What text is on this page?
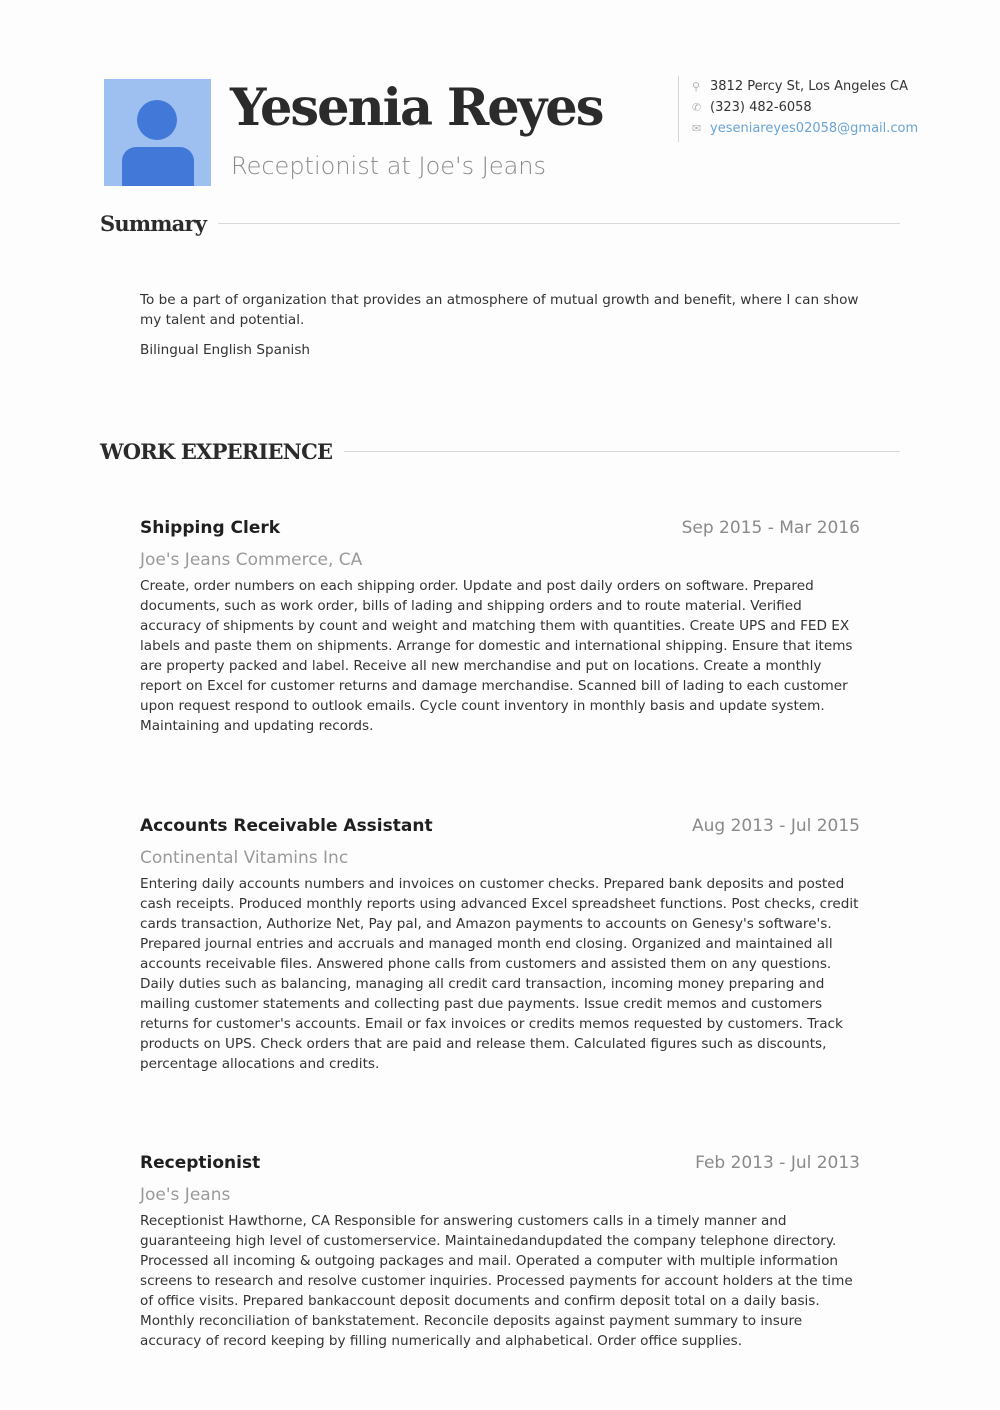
Yesenia Reyes
Receptionist at Joe's Jeans
⚲ 3812 Percy St, Los Angeles CA
✆ (323) 482-6058
✉ yeseniareyes02058@gmail.com
Summary
To be a part of organization that provides an atmosphere of mutual growth and benefit, where I can show my talent and potential.
Bilingual English Spanish
WORK EXPERIENCE
Shipping Clerk	Sep 2015 - Mar 2016
Joe's Jeans Commerce, CA
Create, order numbers on each shipping order. Update and post daily orders on software. Prepared documents, such as work order, bills of lading and shipping orders and to route material. Verified accuracy of shipments by count and weight and matching them with quantities. Create UPS and FED EX labels and paste them on shipments. Arrange for domestic and international shipping. Ensure that items are property packed and label. Receive all new merchandise and put on locations. Create a monthly report on Excel for customer returns and damage merchandise. Scanned bill of lading to each customer upon request respond to outlook emails. Cycle count inventory in monthly basis and update system. Maintaining and updating records.
Accounts Receivable Assistant	Aug 2013 - Jul 2015
Continental Vitamins Inc
Entering daily accounts numbers and invoices on customer checks. Prepared bank deposits and posted cash receipts. Produced monthly reports using advanced Excel spreadsheet functions. Post checks, credit cards transaction, Authorize Net, Pay pal, and Amazon payments to accounts on Genesy's software's. Prepared journal entries and accruals and managed month end closing. Organized and maintained all accounts receivable files. Answered phone calls from customers and assisted them on any questions. Daily duties such as balancing, managing all credit card transaction, incoming money preparing and mailing customer statements and collecting past due payments. Issue credit memos and customers returns for customer's accounts. Email or fax invoices or credits memos requested by customers. Track products on UPS. Check orders that are paid and release them. Calculated figures such as discounts, percentage allocations and credits.
Receptionist	Feb 2013 - Jul 2013
Joe's Jeans
Receptionist Hawthorne, CA Responsible for answering customers calls in a timely manner and guaranteeing high level of customerservice. Maintainedandupdated the company telephone directory. Processed all incoming & outgoing packages and mail. Operated a computer with multiple information screens to research and resolve customer inquiries. Processed payments for account holders at the time of office visits. Prepared bankaccount deposit documents and confirm deposit total on a daily basis. Monthly reconciliation of bankstatement. Reconcile deposits against payment summary to insure accuracy of record keeping by filling numerically and alphabetical. Order office supplies.
